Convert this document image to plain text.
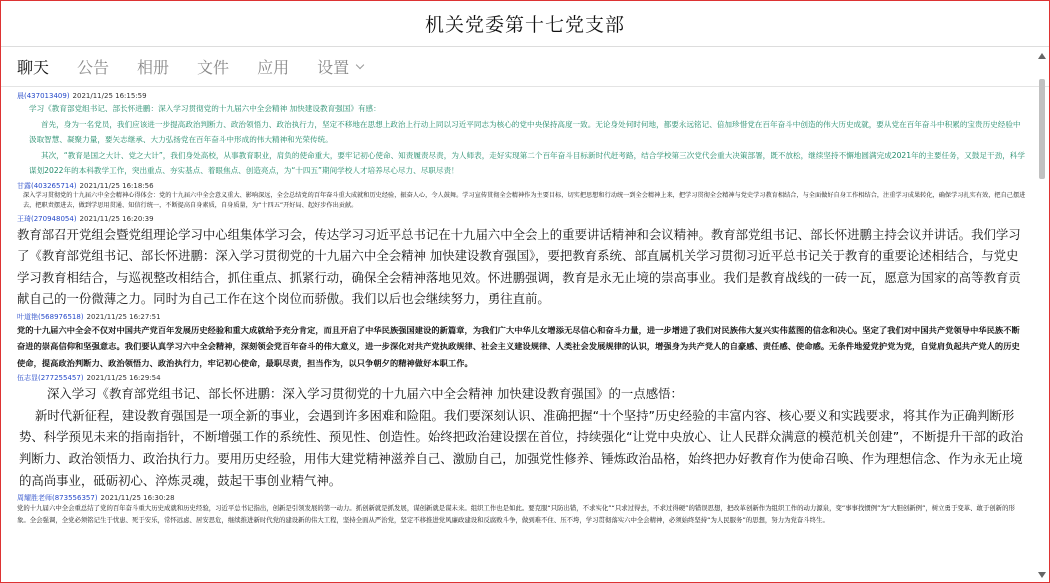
机关党委第十七党支部
聊天 公告 相册 文件 应用 设置
晨(437013409) 2021/11/25 16:15:59

学习《教育部党组书记、部长怀进鹏：深入学习贯彻党的十九届六中全会精神 加快建设教育强国》有感：

首先，身为一名党员，我们应该进一步提高政治判断力、政治领悟力、政治执行力，坚定不移地在思想上政治上行动上同以习近平同志为核心的党中央保持高度一致。无论身处何时何地，都要永远铭记、倍加珍惜党在百年奋斗中创造的伟大历史成就，要从党在百年奋斗中积累的宝贵历史经验中汲取智慧、凝聚力量，要矢志继承、大力弘扬党在百年奋斗中形成的伟大精神和光荣传统。

其次，“教育是国之大计、党之大计”，我们身处高校，从事教育职业，肩负的使命重大，要牢记初心使命、知责履责尽责，为人师表，走好实现第二个百年奋斗目标新时代赶考路，结合学校第三次党代会重大决策部署，既不放松，继续坚持不懈地圆满完成2021年的主要任务，又鼓足干劲，科学谋划2022年的本科教学工作，突出重点、夯实基点、着眼焦点、创造亮点，为“十四五”期间学校人才培养尽心尽力、尽职尽责！

甘露(403265714) 2021/11/25 16:18:56

深入学习贯彻党的十九届六中全会精神心得体会：党的十九届六中全会意义重大、影响深远，全会总结党的百年奋斗重大成就和历史经验，振奋人心，令人鼓舞。学习宣传贯彻全会精神作为主要目标，切实把思想和行动统一到全会精神上来，把学习贯彻全会精神与党史学习教育相结合，与全面做好自身工作相结合，注重学习成果转化，确保学习扎实有效，把自己摆进去，把职责摆进去，做到学思用贯通、知信行统一，不断提高自身素质，自身质量，为“十四五”开好局、起好步作出贡献。

王琦(270948054) 2021/11/25 16:20:39

教育部召开党组会暨党组理论学习中心组集体学习会，传达学习习近平总书记在十九届六中全会上的重要讲话精神和会议精神。教育部党组书记、部长怀进鹏主持会议并讲话。我们学习了《教育部党组书记、部长怀进鹏：深入学习贯彻党的十九届六中全会精神 加快建设教育强国》，要把教育系统、部直属机关学习贯彻习近平总书记关于教育的重要论述相结合，与党史学习教育相结合，与巡视整改相结合，抓住重点、抓紧行动，确保全会精神落地见效。怀进鹏强调，教育是永无止境的崇高事业。我们是教育战线的一砖一瓦，愿意为国家的高等教育贡献自己的一份微薄之力。同时为自己工作在这个岗位而骄傲。我们以后也会继续努力，勇往直前。

叶道艳(568976518) 2021/11/25 16:27:51

党的十九届六中全会不仅对中国共产党百年发展历史经验和重大成就给予充分肯定，而且开启了中华民族强国建设的新篇章，为我们广大中华儿女增添无尽信心和奋斗力量，进一步增进了我们对民族伟大复兴实伟蓝图的信念和决心。坚定了我们对中国共产党领导中华民族不断奋进的崇高信仰和坚强意志。我们要认真学习六中全会精神，深刻领会党百年奋斗的伟大意义，进一步深化对共产党执政规律、社会主义建设规律、人类社会发展规律的认识，增强身为共产党人的自豪感、责任感、使命感。无条件地爱党护党为党，自觉肩负起共产党人的历史使命，提高政治判断力、政治领悟力、政治执行力，牢记初心使命，最职尽责，担当作为，以只争朝夕的精神做好本职工作。

伍志显(277255457) 2021/11/25 16:29:54

深入学习《教育部党组书记、部长怀进鹏：深入学习贯彻党的十九届六中全会精神 加快建设教育强国》的一点感悟：

新时代新征程，建设教育强国是一项全新的事业，会遇到许多困难和险阻。我们要深刻认识、准确把握“十个坚持”历史经验的丰富内容、核心要义和实践要求，将其作为正确判断形势、科学预见未来的指南指针，不断增强工作的系统性、预见性、创造性。始终把政治建设摆在首位，持续强化“让党中央放心、让人民群众满意的模范机关创建”，不断提升干部的政治判断力、政治领悟力、政治执行力。要用历史经验，用伟大建党精神滋养自己、激励自己，加强党性修养、锤炼政治品格，始终把办好教育作为使命召唤、作为理想信念、作为永无止境的高尚事业，砥砺初心、淬炼灵魂，鼓起干事创业精气神。

周耀胜老师(873556357) 2021/11/25 16:30:28

党的十九届六中全会重总结了党的百年奋斗重大历史成就和历史经验，习近平总书记指出，创新是引领发展的第一动力。抓创新就是抓发展，谋创新就是谋未来。组织工作也是如此。要克服“只防出错，不求实化”“只求过得去，不求过得硬”的错误思想，把改革创新作为组织工作的动力源泉，变“事事找惯例”为“大胆创新例”，树立勇于变革、敢于创新的形象。全会强调，全党必须铭记生于忧患、死于安乐，常怀远虑、居安思危，继续推进新时代党的建设新的伟大工程，坚持全面从严治党，坚定不移推进党风廉政建设和反腐败斗争，做到难不住、压不垮，学习贯彻落实六中全会精神，必须始终坚持“为人民服务”的思想，努力为党奋斗终生。
